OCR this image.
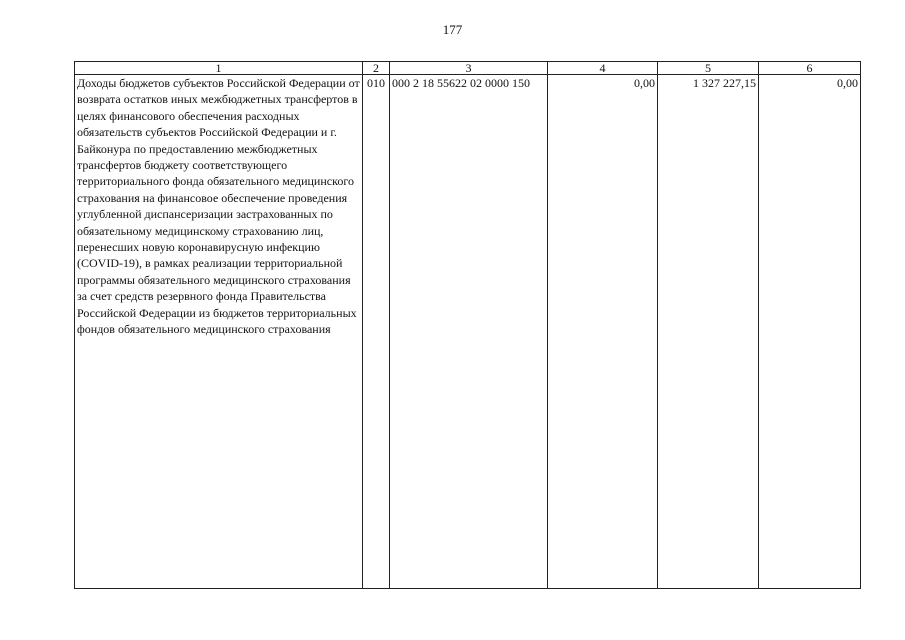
177
1	2	3	4	5	6
Доходы бюджетов субъектов Российской Федерации от возврата остатков иных межбюджетных трансфертов в целях финансового обеспечения расходных обязательств субъектов Российской Федерации и г. Байконура по предоставлению межбюджетных трансфертов бюджету соответствующего территориального фонда обязательного медицинского страхования на финансовое обеспечение проведения углубленной диспансеризации застрахованных по обязательному медицинскому страхованию лиц, перенесших новую коронавирусную инфекцию (COVID-19), в рамках реализации территориальной программы обязательного медицинского страхования за счет средств резервного фонда Правительства Российской Федерации из бюджетов территориальных фондов обязательного медицинского страхования	010	000 2 18 55622 02 0000 150	0,00	1 327 227,15	0,00
